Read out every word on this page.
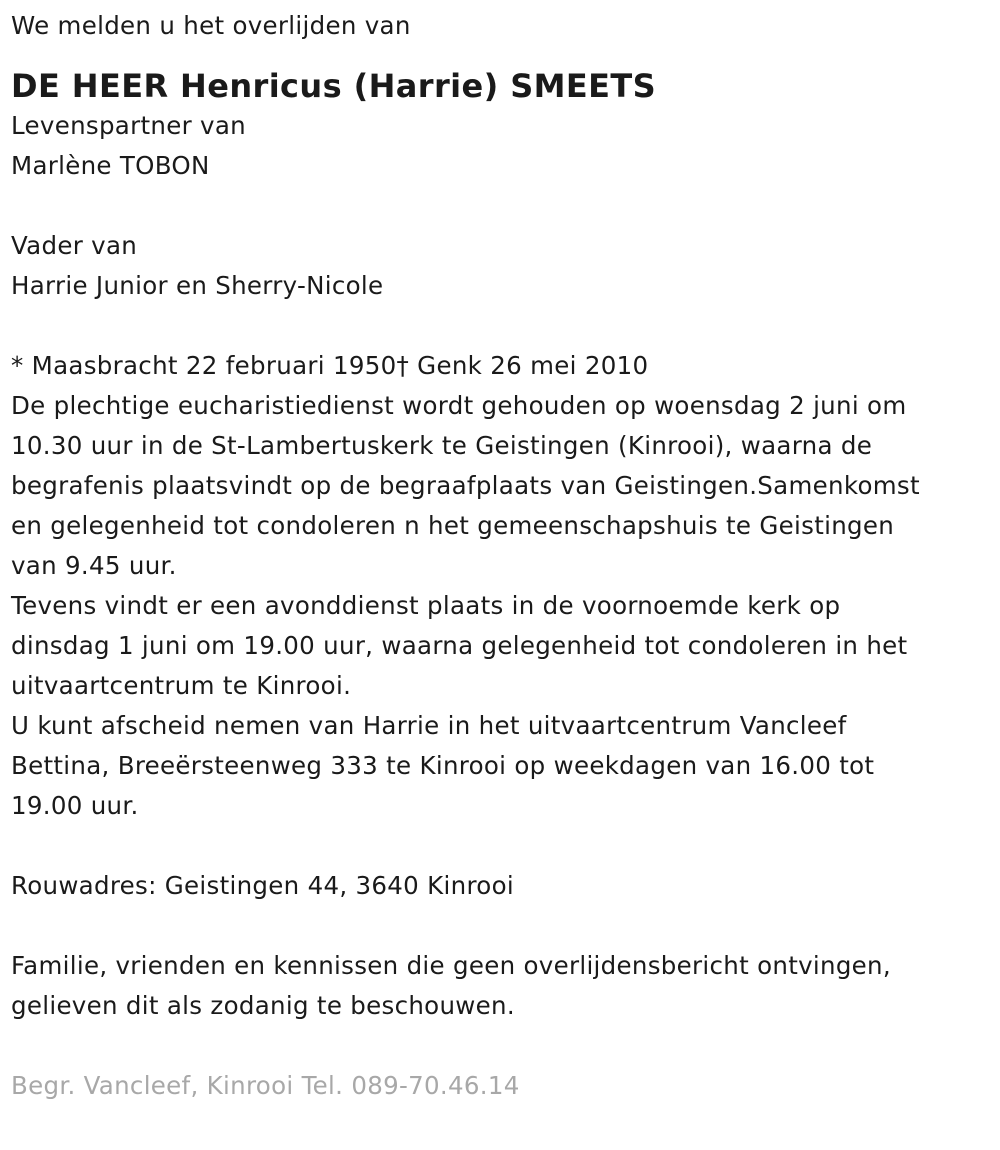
We melden u het overlijden van
DE HEER Henricus (Harrie) SMEETS
Levenspartner van
Marlène TOBON
Vader van
Harrie Junior en Sherry-Nicole
* Maasbracht 22 februari 1950† Genk 26 mei 2010
De plechtige eucharistiedienst wordt gehouden op woensdag 2 juni om
10.30 uur in de St-Lambertuskerk te Geistingen (Kinrooi), waarna de
begrafenis plaatsvindt op de begraafplaats van Geistingen.Samenkomst
en gelegenheid tot condoleren n het gemeenschapshuis te Geistingen
van 9.45 uur.
Tevens vindt er een avonddienst plaats in de voornoemde kerk op
dinsdag 1 juni om 19.00 uur, waarna gelegenheid tot condoleren in het
uitvaartcentrum te Kinrooi.
U kunt afscheid nemen van Harrie in het uitvaartcentrum Vancleef
Bettina, Breeërsteenweg 333 te Kinrooi op weekdagen van 16.00 tot
19.00 uur.
Rouwadres: Geistingen 44, 3640 Kinrooi
Familie, vrienden en kennissen die geen overlijdensbericht ontvingen,
gelieven dit als zodanig te beschouwen.
Begr. Vancleef, Kinrooi Tel. 089-70.46.14
